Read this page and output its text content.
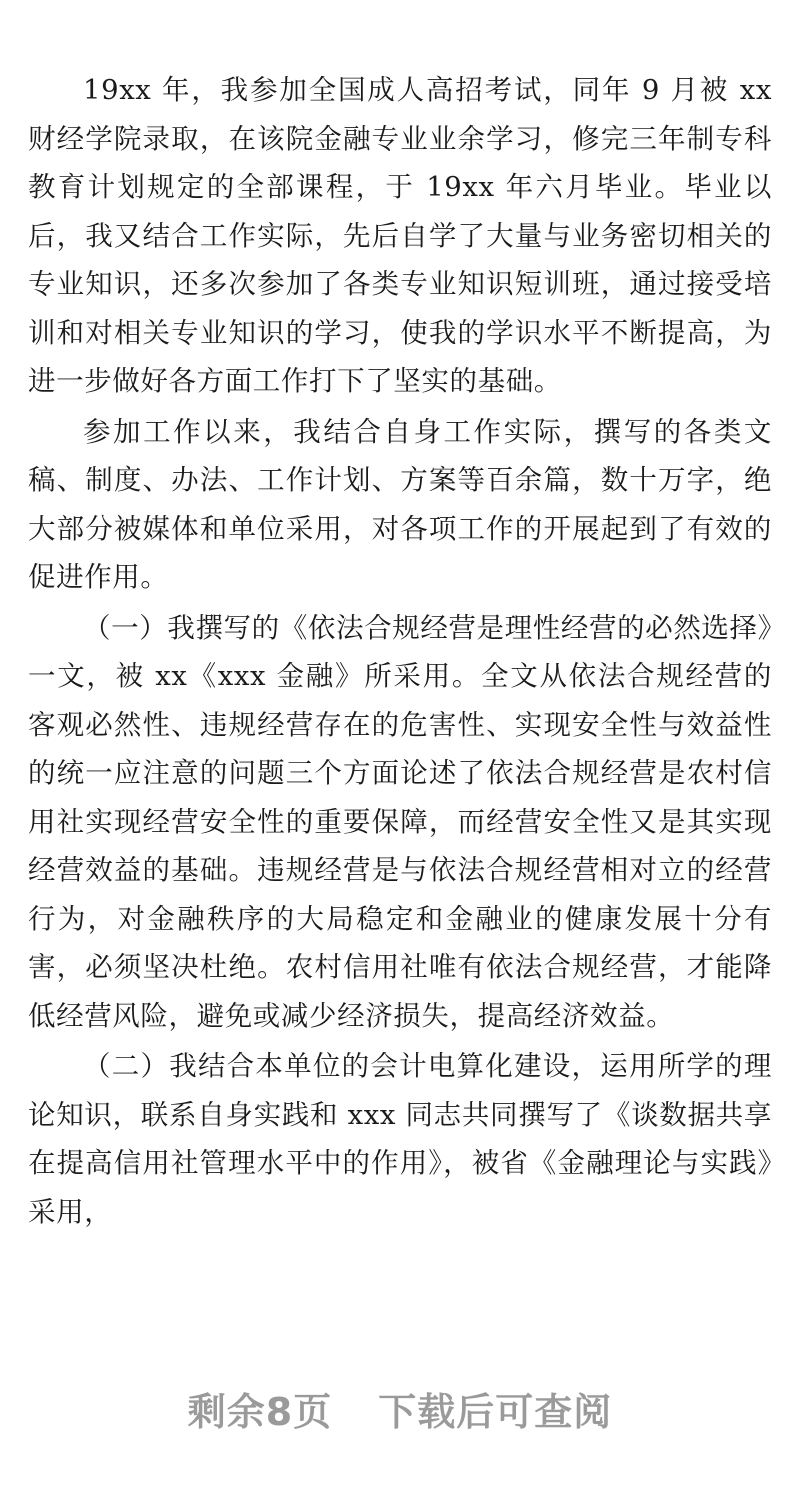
19xx 年，我参加全国成人高招考试，同年 9 月被 xx 财经学院录取，在该院金融专业业余学习，修完三年制专科教育计划规定的全部课程，于 19xx 年六月毕业。毕业以后，我又结合工作实际，先后自学了大量与业务密切相关的专业知识，还多次参加了各类专业知识短训班，通过接受培训和对相关专业知识的学习，使我的学识水平不断提高，为进一步做好各方面工作打下了坚实的基础。

参加工作以来，我结合自身工作实际，撰写的各类文稿、制度、办法、工作计划、方案等百余篇，数十万字，绝大部分被媒体和单位采用，对各项工作的开展起到了有效的促进作用。

（一）我撰写的《依法合规经营是理性经营的必然选择》一文，被 xx《xxx 金融》所采用。全文从依法合规经营的客观必然性、违规经营存在的危害性、实现安全性与效益性的统一应注意的问题三个方面论述了依法合规经营是农村信用社实现经营安全性的重要保障，而经营安全性又是其实现经营效益的基础。违规经营是与依法合规经营相对立的经营行为，对金融秩序的大局稳定和金融业的健康发展十分有害，必须坚决杜绝。农村信用社唯有依法合规经营，才能降低经营风险，避免或减少经济损失，提高经济效益。

（二）我结合本单位的会计电算化建设，运用所学的理论知识，联系自身实践和 xxx 同志共同撰写了《谈数据共享在提高信用社管理水平中的作用》，被省《金融理论与实践》采用，

剩余8页 下载后可查阅
